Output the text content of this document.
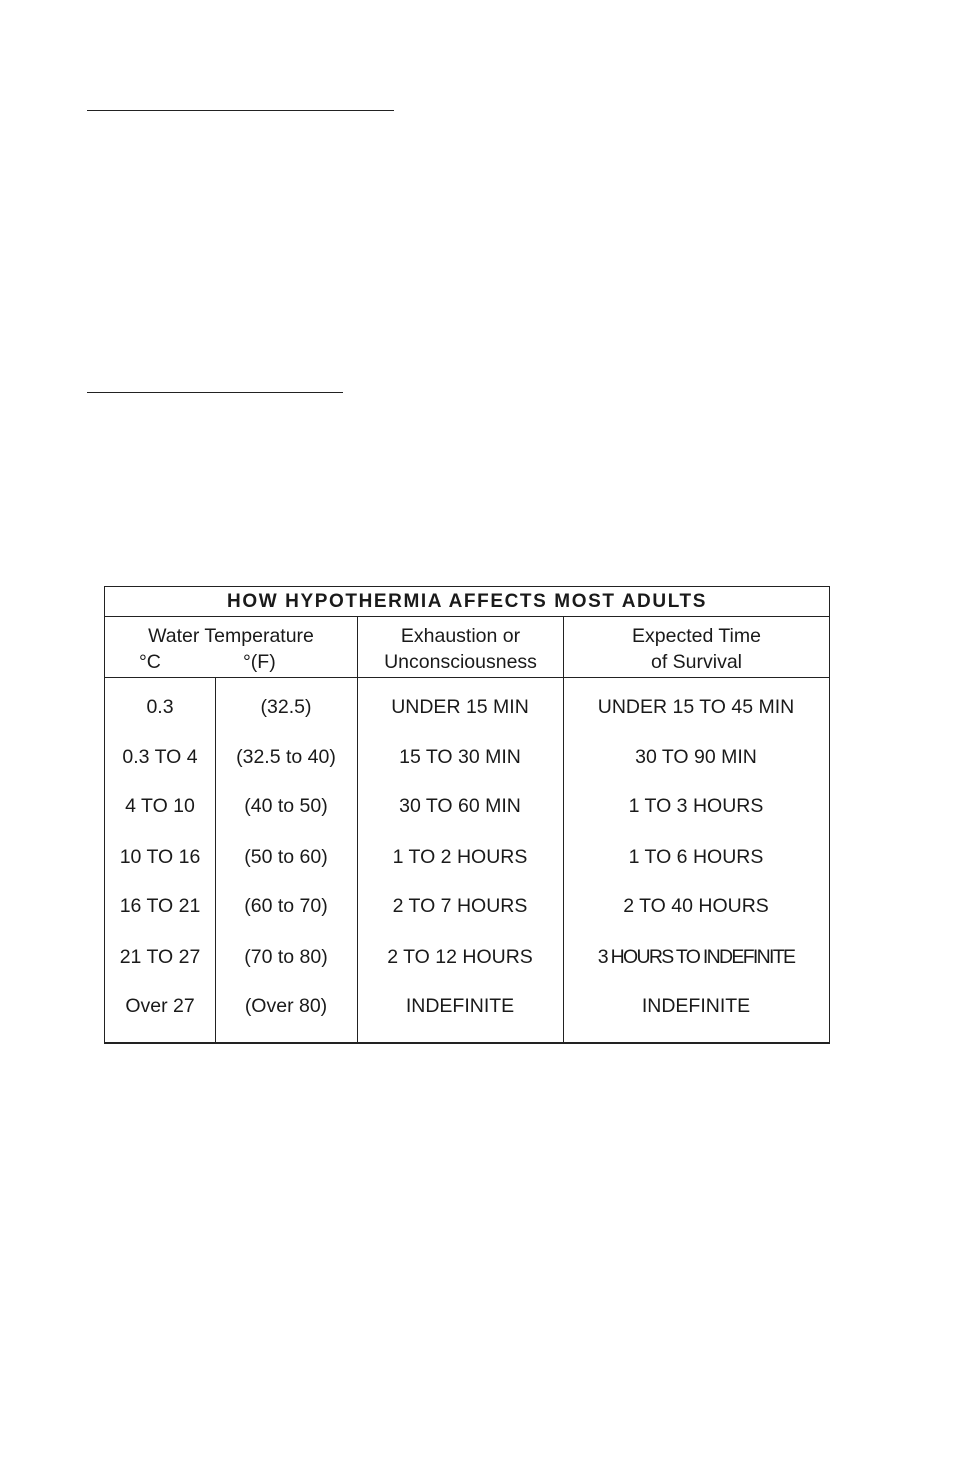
HOW HYPOTHERMIA AFFECTS MOST ADULTS
Water Temperature
°C	°(F)
Exhaustion or
Unconsciousness
Expected Time
of Survival
0.3	(32.5)	UNDER 15 MIN	UNDER 15 TO 45 MIN
0.3 TO 4	(32.5 to 40)	15 TO 30 MIN	30 TO 90 MIN
4 TO 10	(40 to 50)	30 TO 60 MIN	1 TO 3 HOURS
10 TO 16	(50 to 60)	1 TO 2 HOURS	1 TO 6 HOURS
16 TO 21	(60 to 70)	2 TO 7 HOURS	2 TO 40 HOURS
21 TO 27	(70 to 80)	2 TO 12 HOURS	3 HOURS TO INDEFINITE
Over 27	(Over 80)	INDEFINITE	INDEFINITE
